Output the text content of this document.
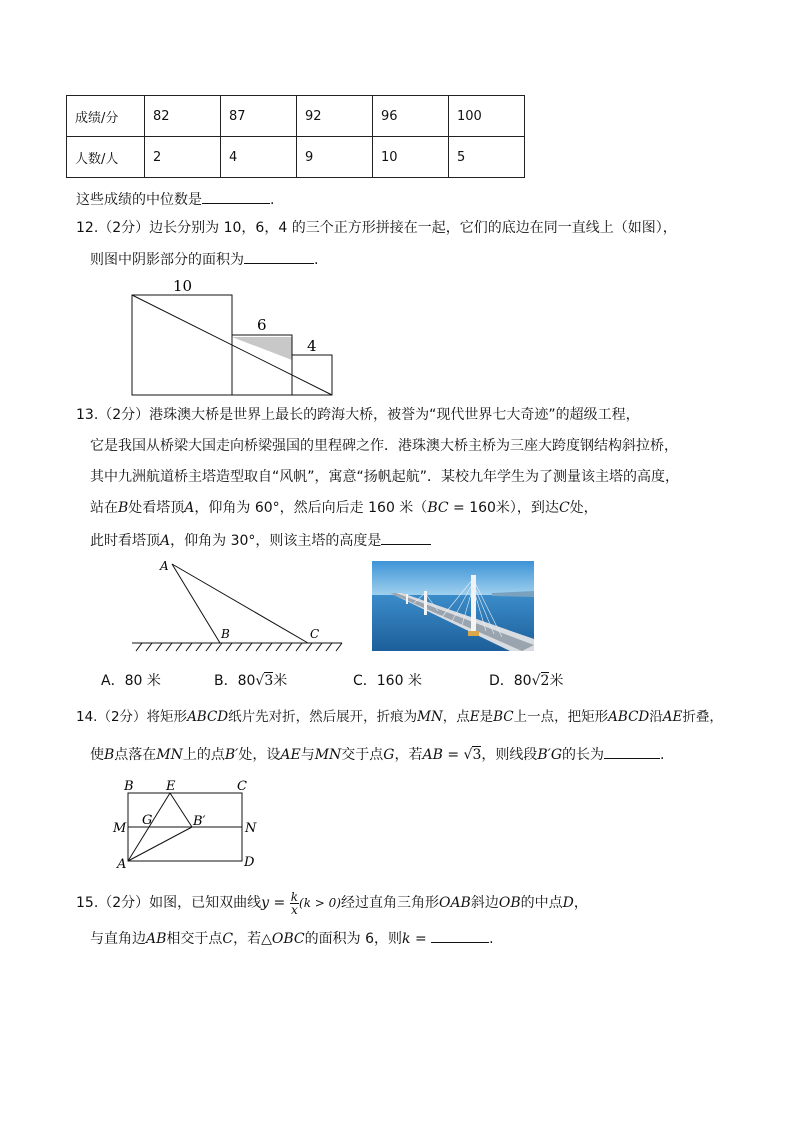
成绩/分	82	87	92	96	100
人数/人	2	4	9	10	5
这些成绩的中位数是	.
12.（2分）边长分别为 10，6，4 的三个正方形拼接在一起，它们的底边在同一直线上（如图），
则图中阴影部分的面积为	.
10
6
4
13.（2分）港珠澳大桥是世界上最长的跨海大桥，被誉为“现代世界七大奇迹”的超级工程，
它是我国从桥梁大国走向桥梁强国的里程碑之作．港珠澳大桥主桥为三座大跨度钢结构斜拉桥，
其中九洲航道桥主塔造型取自“风帆”，寓意“扬帆起航”．某校九年学生为了测量该主塔的高度，
站在B处看塔顶A，仰角为 60°，然后向后走 160 米（BC = 160米），到达C处，
此时看塔顶A，仰角为 30°，则该主塔的高度是
A
B	C
A．80 米	B．80√3米	C．160 米	D．80√2米
14.（2分）将矩形ABCD纸片先对折，然后展开，折痕为MN，点E是BC上一点，把矩形ABCD沿AE折叠，
使B点落在MN上的点B′处，设AE与MN交于点G，若AB = √3，则线段B′G的长为	.
B E	C
M
G	B′	N
A	D
15.（2分）如图，已知双曲线$y = \frac{k}{x} (k > 0)$经过直角三角形OAB斜边OB的中点D，
与直角边AB相交于点C，若△OBC的面积为 6，则k =	.
